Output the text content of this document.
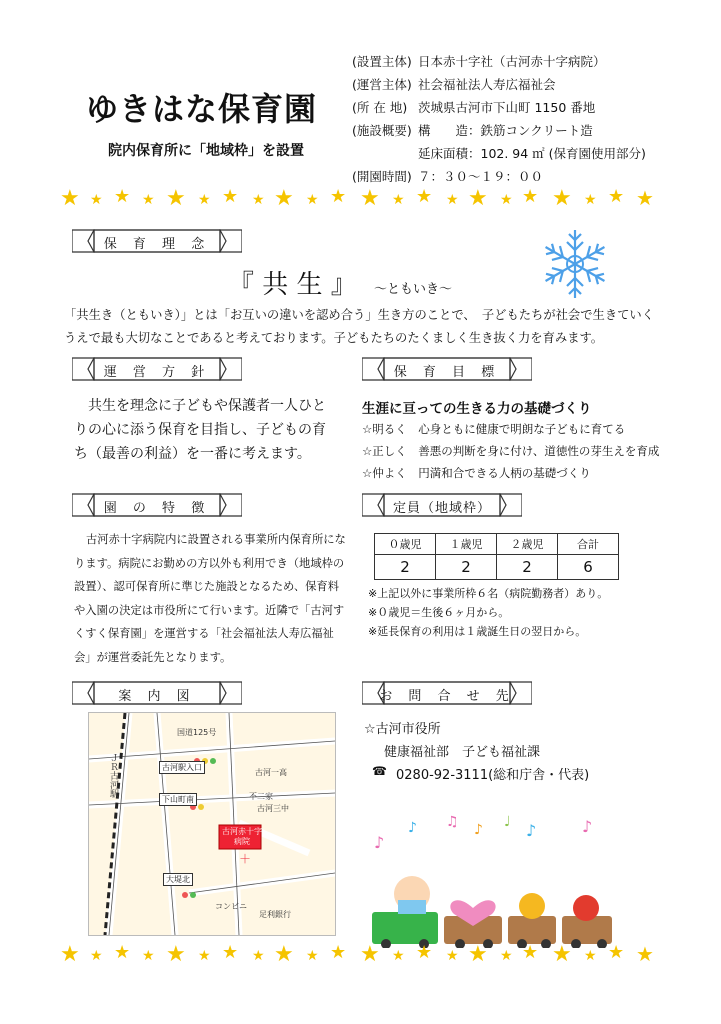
ゆきはな保育園
院内保育所に「地域枠」を設置
(設置主体) 日本赤十字社（古河赤十字病院）
(運営主体) 社会福祉法人寿広福祉会
(所 在 地) 茨城県古河市下山町 1150 番地
(施設概要) 構　　造：鉄筋コンクリート造
延床面積：102. 94 ㎡ (保育園使用部分)
(開園時間) ７：３０～１９：００
★ ★ ★ ★ ★ ★ ★ ★ ★ ★ ★ ★ ★ ★ ★ ★ ★ ★ ★ ★ ★ ★
保 育 理 念
『 共 生 』 ～ともいき～
「共生き（ともいき）」とは「お互いの違いを認め合う」生き方のことで、　子どもたちが社会で生きていくうえで最も大切なことであると考えております。子どもたちのたくましく生き抜く力を育みます。
運 営 方 針
共生を理念に子どもや保護者一人ひとりの心に添う保育を目指し、子どもの育ち（最善の利益）を一番に考えます。
保 育 目 標
生涯に亘っての生きる力の基礎づくり
☆明るく　心身ともに健康で明朗な子どもに育てる
☆正しく　善悪の判断を身に付け、道徳性の芽生えを育成
☆仲よく　円満和合できる人柄の基礎づくり
園 の 特 徴
古河赤十字病院内に設置される事業所内保育所になります。病院にお勤めの方以外も利用でき（地域枠の設置）、認可保育所に準じた施設となるため、保育料や入園の決定は市役所にて行います。近隣で「古河すくすく保育園」を運営する「社会福祉法人寿広福祉会」が運営委託先となります。
定員（地域枠）
０歳児	１歳児	２歳児	合計
2	2	2	6
※上記以外に事業所枠６名（病院勤務者）あり。
※０歳児＝生後６ヶ月から。
※延長保育の利用は１歳誕生日の翌日から。
案 内 図
＋
国道125号
ＪＲ古河駅	古河駅入口
下山町南
大堤北
古河一高
古河三中
不二家
古河赤十字病院
コンビニ
足利銀行
お 問 合 せ 先
☆古河市役所
健康福祉部　子ども福祉課
☎ 0280-92-3111(総和庁舎・代表)
♪
♪ ♫ ♪ ♩ ♪	♪
★ ★ ★ ★ ★ ★ ★ ★ ★ ★ ★ ★ ★ ★ ★ ★ ★ ★ ★ ★ ★ ★
